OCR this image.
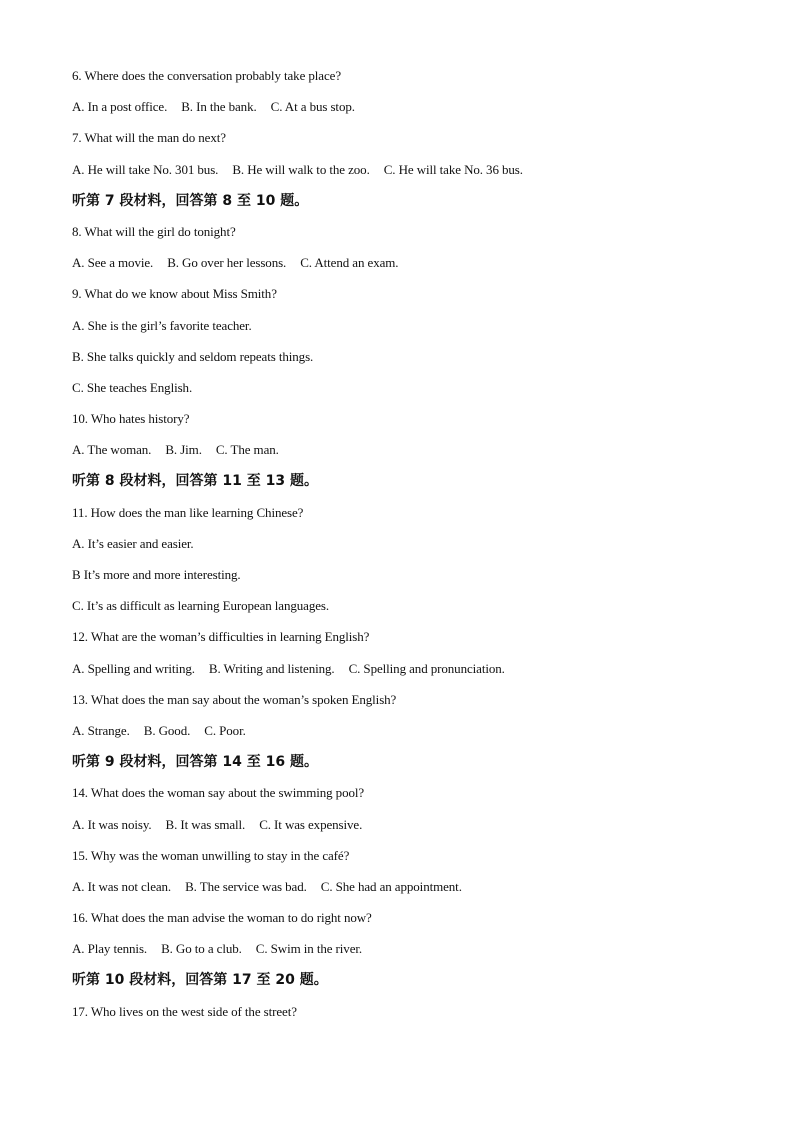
6. Where does the conversation probably take place?
A. In a post office. B. In the bank. C. At a bus stop.
7. What will the man do next?
A. He will take No. 301 bus. B. He will walk to the zoo. C. He will take No. 36 bus.
听第 7 段材料，回答第 8 至 10 题。
8. What will the girl do tonight?
A. See a movie. B. Go over her lessons. C. Attend an exam.
9. What do we know about Miss Smith?
A. She is the girl’s favorite teacher.
B. She talks quickly and seldom repeats things.
C. She teaches English.
10. Who hates history?
A. The woman. B. Jim. C. The man.
听第 8 段材料，回答第 11 至 13 题。
11. How does the man like learning Chinese?
A. It’s easier and easier.
B It’s more and more interesting.
C. It’s as difficult as learning European languages.
12. What are the woman’s difficulties in learning English?
A. Spelling and writing. B. Writing and listening. C. Spelling and pronunciation.
13. What does the man say about the woman’s spoken English?
A. Strange. B. Good. C. Poor.
听第 9 段材料，回答第 14 至 16 题。
14. What does the woman say about the swimming pool?
A. It was noisy. B. It was small. C. It was expensive.
15. Why was the woman unwilling to stay in the café?
A. It was not clean. B. The service was bad. C. She had an appointment.
16. What does the man advise the woman to do right now?
A. Play tennis. B. Go to a club. C. Swim in the river.
听第 10 段材料，回答第 17 至 20 题。
17. Who lives on the west side of the street?
